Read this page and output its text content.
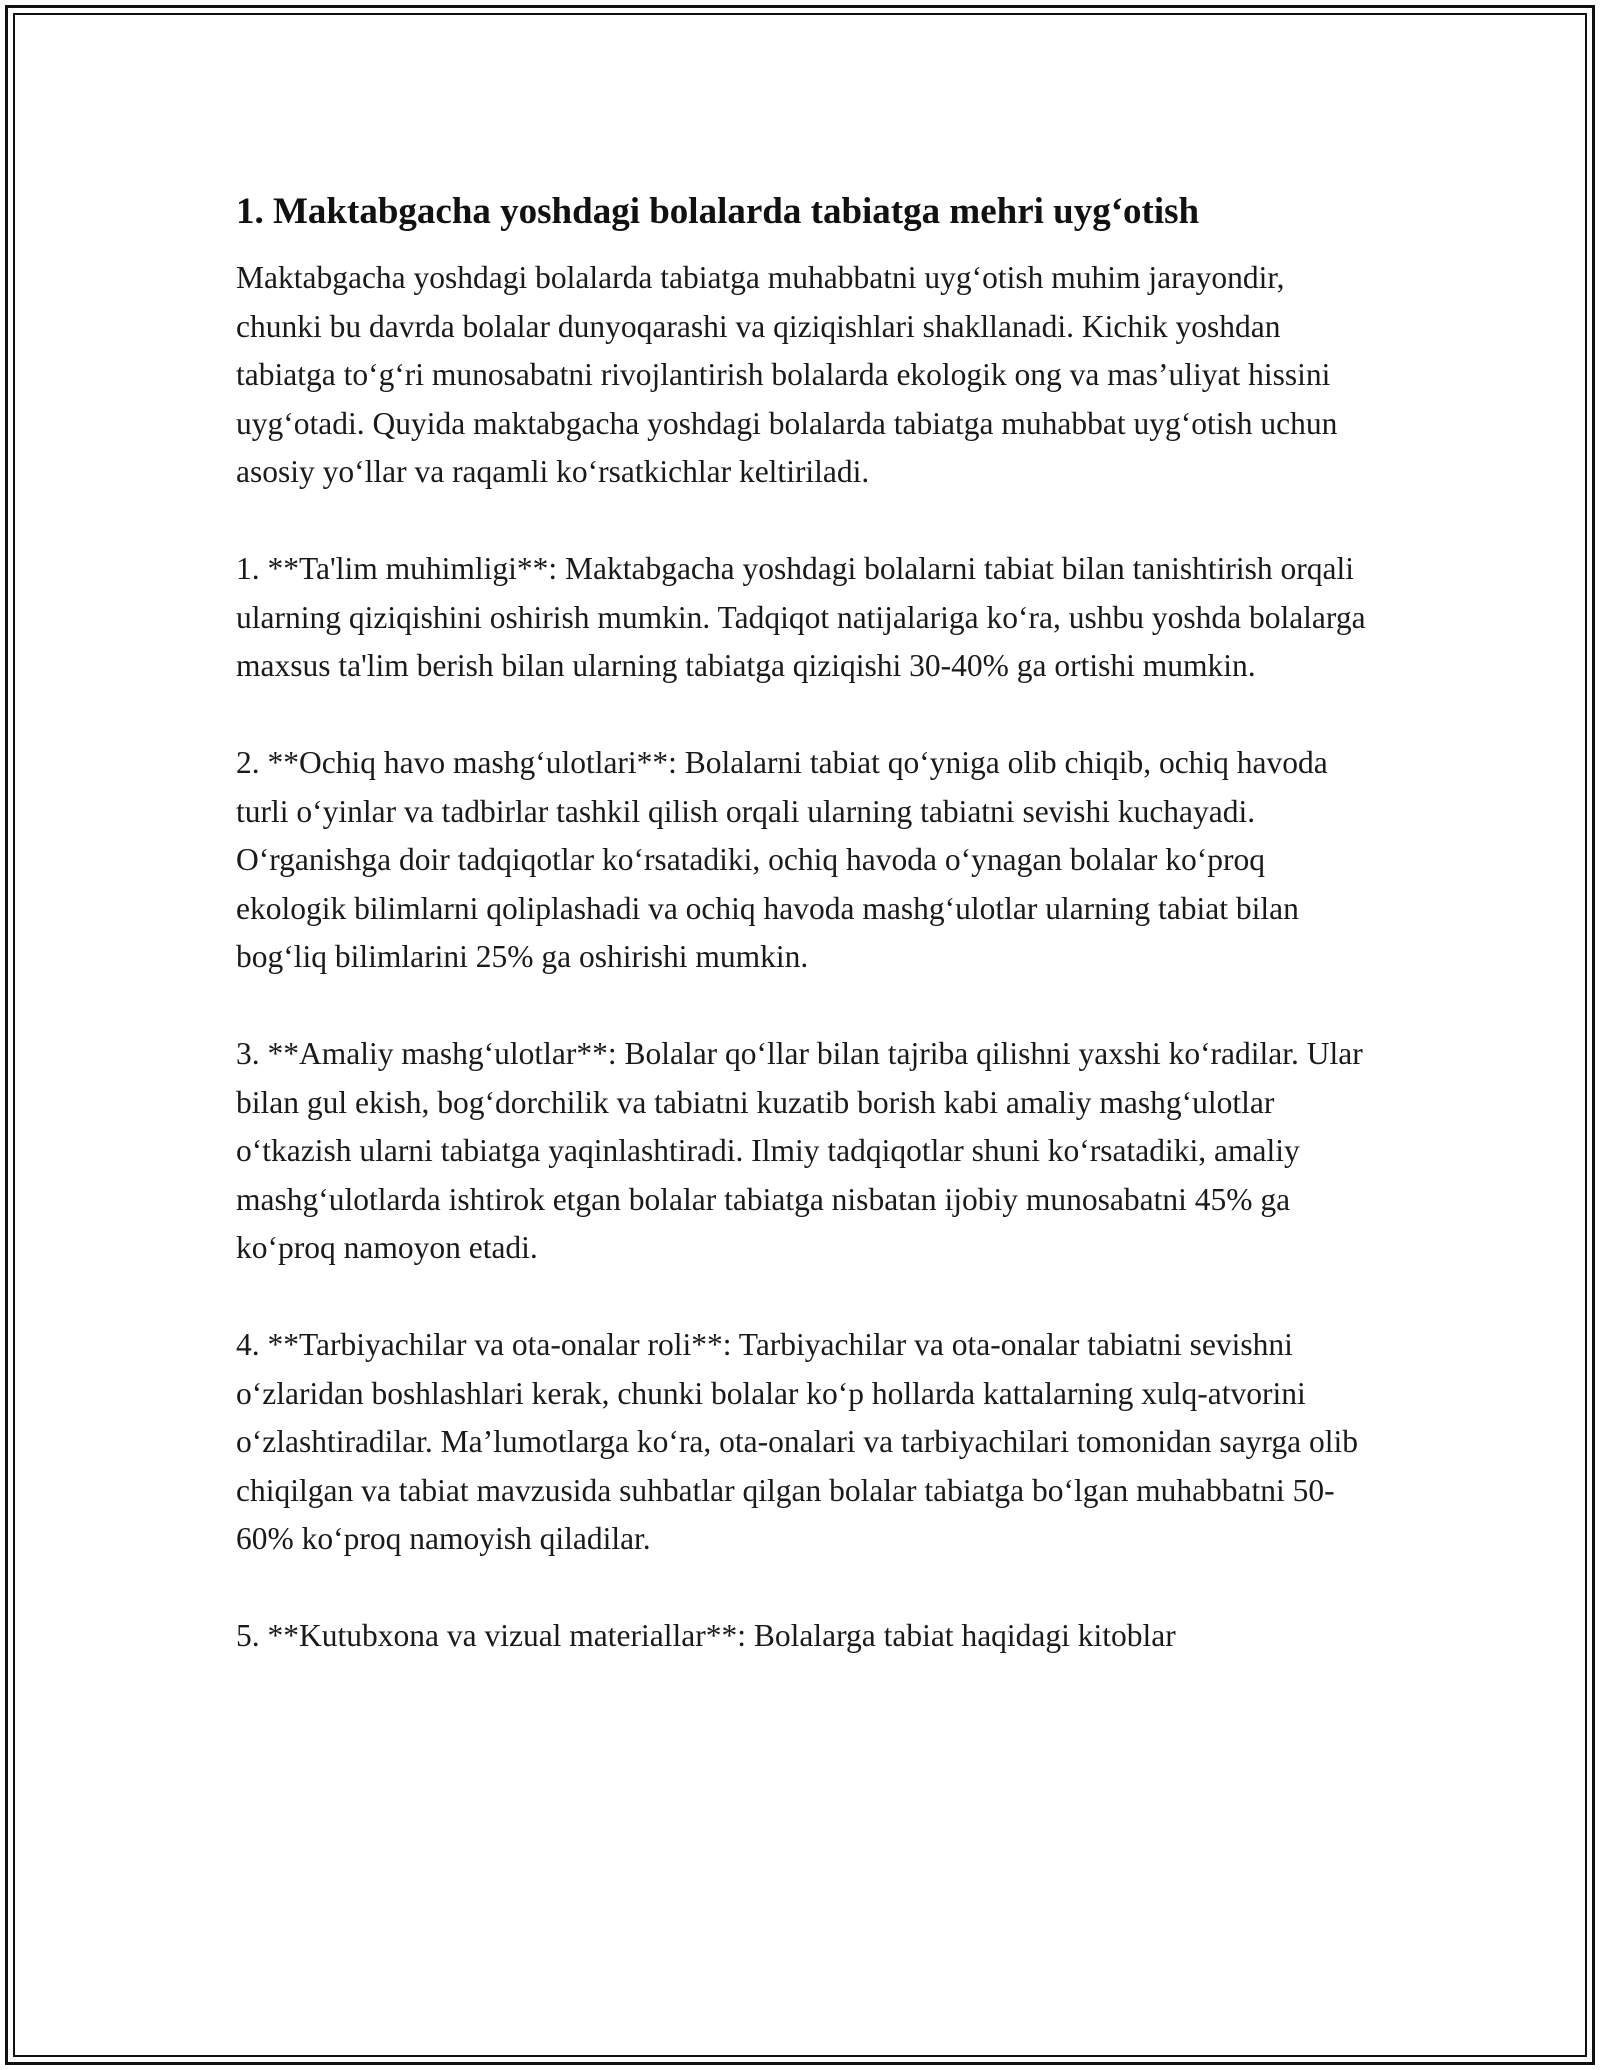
1. Maktabgacha yoshdagi bolalarda tabiatga mehri uyg‘otish

Maktabgacha yoshdagi bolalarda tabiatga muhabbatni uyg‘otish muhim jarayondir, chunki bu davrda bolalar dunyoqarashi va qiziqishlari shakllanadi. Kichik yoshdan tabiatga to‘g‘ri munosabatni rivojlantirish bolalarda ekologik ong va mas’uliyat hissini uyg‘otadi. Quyida maktabgacha yoshdagi bolalarda tabiatga muhabbat uyg‘otish uchun asosiy yo‘llar va raqamli ko‘rsatkichlar keltiriladi.

1. **Ta'lim muhimligi**: Maktabgacha yoshdagi bolalarni tabiat bilan tanishtirish orqali ularning qiziqishini oshirish mumkin. Tadqiqot natijalariga ko‘ra, ushbu yoshda bolalarga maxsus ta'lim berish bilan ularning tabiatga qiziqishi 30-40% ga ortishi mumkin.

2. **Ochiq havo mashg‘ulotlari**: Bolalarni tabiat qo‘yniga olib chiqib, ochiq havoda turli o‘yinlar va tadbirlar tashkil qilish orqali ularning tabiatni sevishi kuchayadi. O‘rganishga doir tadqiqotlar ko‘rsatadiki, ochiq havoda o‘ynagan bolalar ko‘proq ekologik bilimlarni qoliplashadi va ochiq havoda mashg‘ulotlar ularning tabiat bilan bog‘liq bilimlarini 25% ga oshirishi mumkin.

3. **Amaliy mashg‘ulotlar**: Bolalar qo‘llar bilan tajriba qilishni yaxshi ko‘radilar. Ular bilan gul ekish, bog‘dorchilik va tabiatni kuzatib borish kabi amaliy mashg‘ulotlar o‘tkazish ularni tabiatga yaqinlashtiradi. Ilmiy tadqiqotlar shuni ko‘rsatadiki, amaliy mashg‘ulotlarda ishtirok etgan bolalar tabiatga nisbatan ijobiy munosabatni 45% ga ko‘proq namoyon etadi.

4. **Tarbiyachilar va ota-onalar roli**: Tarbiyachilar va ota-onalar tabiatni sevishni o‘zlaridan boshlashlari kerak, chunki bolalar ko‘p hollarda kattalarning xulq-atvorini o‘zlashtiradilar. Ma’lumotlarga ko‘ra, ota-onalari va tarbiyachilari tomonidan sayrga olib chiqilgan va tabiat mavzusida suhbatlar qilgan bolalar tabiatga bo‘lgan muhabbatni 50-60% ko‘proq namoyish qiladilar.

5. **Kutubxona va vizual materiallar**: Bolalarga tabiat haqidagi kitoblar
